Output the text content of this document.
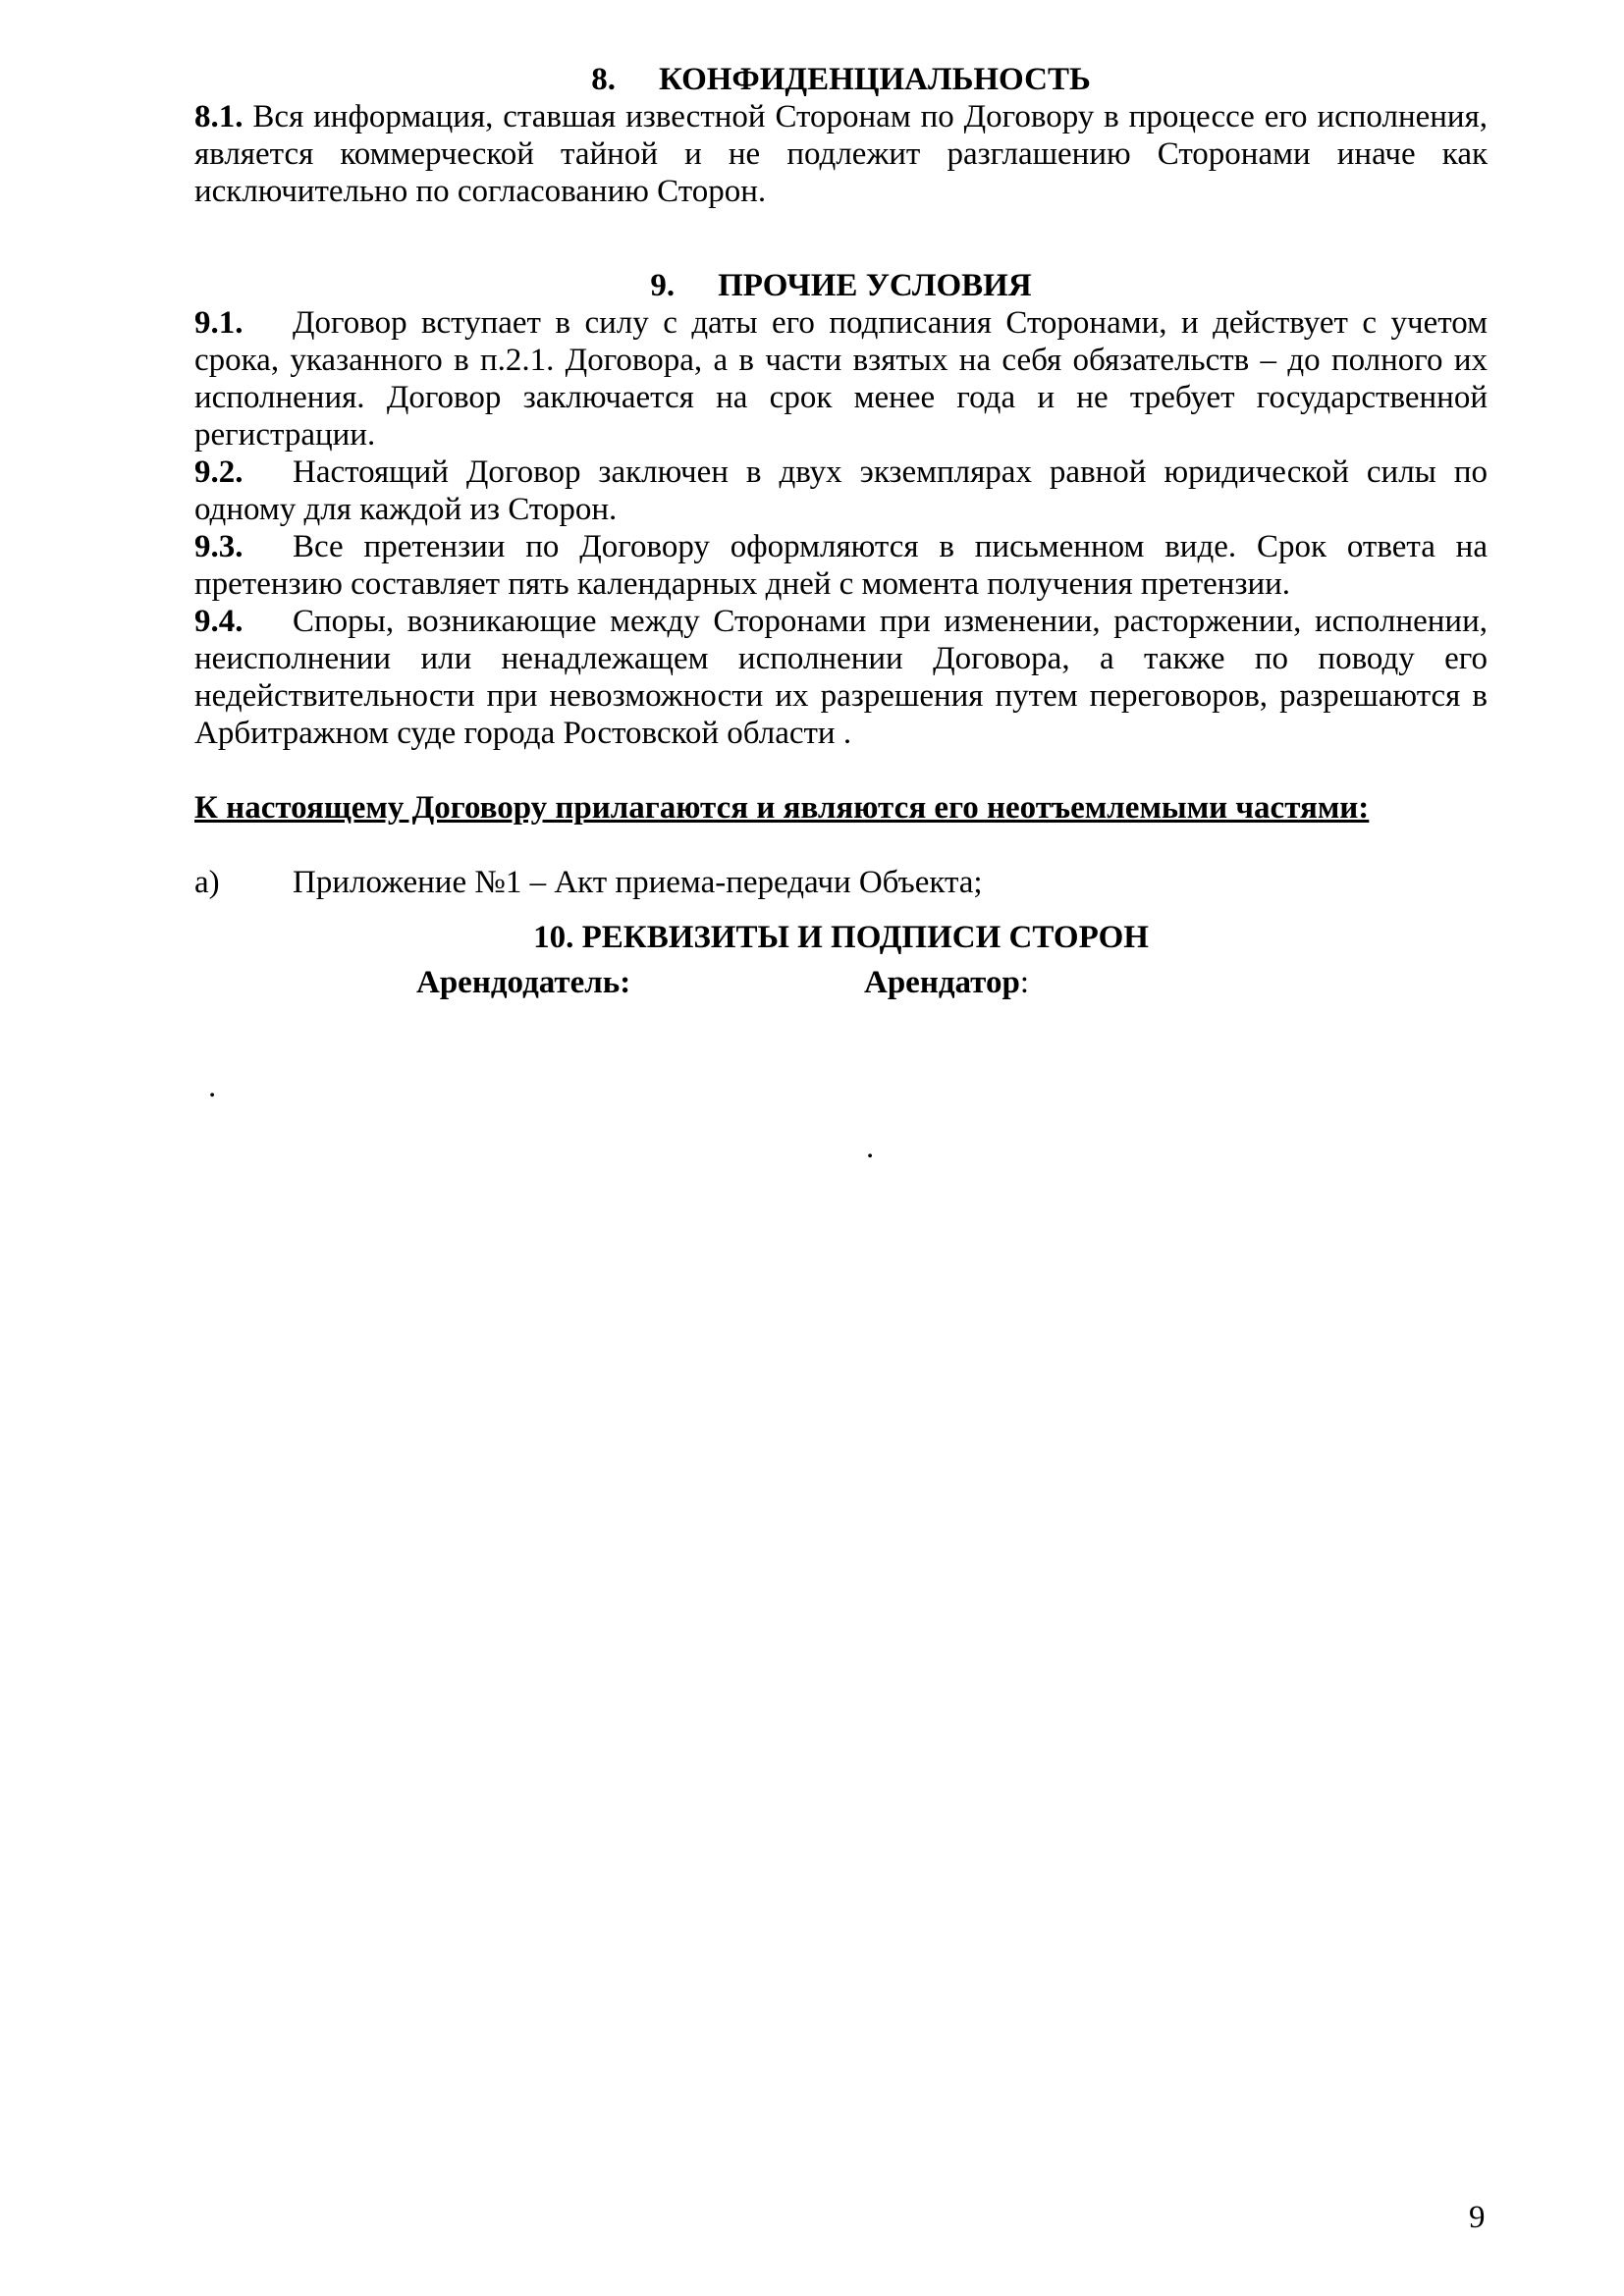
8. КОНФИДЕНЦИАЛЬНОСТЬ

8.1. Вся информация, ставшая известной Сторонам по Договору в процессе его исполнения, является коммерческой тайной и не подлежит разглашению Сторонами иначе как исключительно по согласованию Сторон.

9. ПРОЧИЕ УСЛОВИЯ

9.1. Договор вступает в силу с даты его подписания Сторонами, и действует с учетом срока, указанного в п.2.1. Договора, а в части взятых на себя обязательств – до полного их исполнения. Договор заключается на срок менее года и не требует государственной регистрации.

9.2. Настоящий Договор заключен в двух экземплярах равной юридической силы по одному для каждой из Сторон.

9.3. Все претензии по Договору оформляются в письменном виде. Срок ответа на претензию составляет пять календарных дней с момента получения претензии.

9.4. Споры, возникающие между Сторонами при изменении, расторжении, исполнении, неисполнении или ненадлежащем исполнении Договора, а также по поводу его недействительности при невозможности их разрешения путем переговоров, разрешаются в Арбитражном суде города Ростовской области .

К настоящему Договору прилагаются и являются его неотъемлемыми частями:

а) Приложение №1 – Акт приема-передачи Объекта;

10. РЕКВИЗИТЫ И ПОДПИСИ СТОРОН
Арендодатель:	Арендатор:
.
.
9
